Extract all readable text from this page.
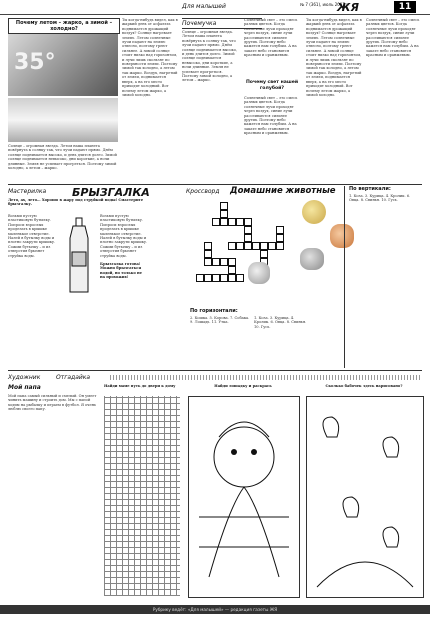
Для малышей	№ 7 (361), июль 2007 г.
ЖЯ	11
Почему летом – жарко, а зимой – холодно?
35°
Ты когда-нибудь видел, как в жаркий день от асфальта поднимается дрожащий воздух? Солнце нагревает землю. Летом солнечные лучи падают на землю отвесно, поэтому греют сильнее. А зимой солнце стоит низко над горизонтом, и лучи лишь скользят по поверхности земли. Поэтому зимой так холодно, а летом так жарко. Воздух, нагретый от земли, поднимается вверх, а на его место приходит холодный. Вот почему летом жарко, а зимой холодно.
Солнце – огромная звезда. Летом наша планета повёрнута к солнцу так, что лучи падают прямо. Днём солнце поднимается высоко, и день длится долго. Зимой солнце поднимается невысоко, дни короткие, а ночи длинные. Земля не успевает прогреться. Поэтому зимой холодно, а летом – жарко.
Почемучка
Солнце – огромная звезда. Летом наша планета повёрнута к солнцу так, что лучи падают прямо. Днём солнце поднимается высоко, и день длится долго. Зимой солнце поднимается невысоко, дни короткие, а ночи длинные. Земля не успевает прогреться. Поэтому зимой холодно, а летом – жарко.
Солнечный свет – это смесь разных цветов. Когда солнечные лучи проходят через воздух, синие лучи рассеиваются сильнее других. Поэтому небо кажется нам голубым. А на закате небо становится красным и оранжевым.
Почему свет нашей голубой?
Солнечный свет – это смесь разных цветов. Когда солнечные лучи проходят через воздух, синие лучи рассеиваются сильнее других. Поэтому небо кажется нам голубым. А на закате небо становится красным и оранжевым.
Ты когда-нибудь видел, как в жаркий день от асфальта поднимается дрожащий воздух? Солнце нагревает землю. Летом солнечные лучи падают на землю отвесно, поэтому греют сильнее. А зимой солнце стоит низко над горизонтом, и лучи лишь скользят по поверхности земли. Поэтому зимой так холодно, а летом так жарко. Воздух, нагретый от земли, поднимается вверх, а на его место приходит холодный. Вот почему летом жарко, а зимой холодно.
Солнечный свет – это смесь разных цветов. Когда солнечные лучи проходят через воздух, синие лучи рассеиваются сильнее других. Поэтому небо кажется нам голубым. А на закате небо становится красным и оранжевым.
Мастерилка	БРЫЗГАЛКА
Лето, ах, лето… Хорошо в жару под струйкой воды! Смастерите брызгалку.
Возьми пустую пластиковую бутылку. Попроси взрослых проделать в крышке маленькое отверстие. Налей в бутылку воды и плотно закрути крышку. Сожми бутылку – и из отверстия брызнет струйка воды.
Возьми пустую пластиковую бутылку. Попроси взрослых проделать в крышке маленькое отверстие. Налей в бутылку воды и плотно закрути крышку. Сожми бутылку – и из отверстия брызнет струйка воды.
Брызгалка готова! Можно брызгаться водой, но только не на прохожих!
Кроссворд	Домашние животные
По горизонтали:
2. Кошка. 5. Корова. 7. Собака. 9. Лошадь. 11. Утка.
1. Коза. 3. Курица. 4. Кролик. 6. Овца. 8. Свинья. 10. Гусь.
По вертикали:
1. Коза. 3. Курица. 4. Кролик. 6. Овца. 8. Свинья. 10. Гусь.
Художник	Отгадайка
Мой папа
Мой папа самый сильный и смелый. Он умеет чинить машину и строить дом. Мы с папой ходим на рыбалку и играем в футбол. Я очень люблю своего папу.
Найди маме путь до двери к дому	Найди лошадку и раскрась	Сколько бабочек здесь нарисовано?
Рубрику ведёт: «Для малышей» — редакция газеты ЖЯ
